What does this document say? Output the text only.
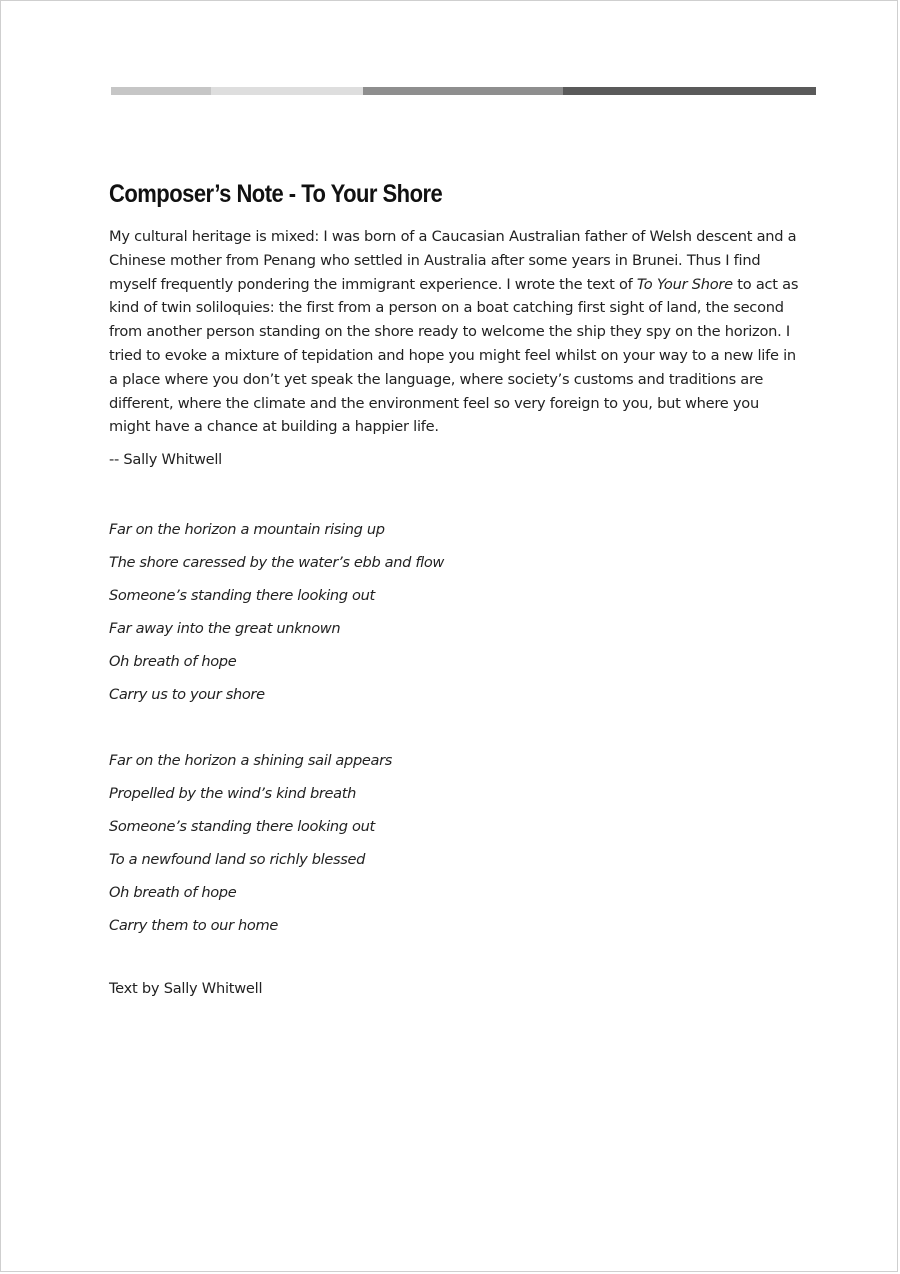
Composer’s Note - To Your Shore

My cultural heritage is mixed: I was born of a Caucasian Australian father of Welsh descent and a Chinese mother from Penang who settled in Australia after some years in Brunei. Thus I find myself frequently pondering the immigrant experience. I wrote the text of To Your Shore to act as kind of twin soliloquies: the first from a person on a boat catching first sight of land, the second from another person standing on the shore ready to welcome the ship they spy on the horizon. I tried to evoke a mixture of tepidation and hope you might feel whilst on your way to a new life in a place where you don’t yet speak the language, where society’s customs and traditions are different, where the climate and the environment feel so very foreign to you, but where you might have a chance at building a happier life.

-- Sally Whitwell
Far on the horizon a mountain rising up
The shore caressed by the water’s ebb and flow
Someone’s standing there looking out
Far away into the great unknown
Oh breath of hope
Carry us to your shore
Far on the horizon a shining sail appears
Propelled by the wind’s kind breath
Someone’s standing there looking out
To a newfound land so richly blessed
Oh breath of hope
Carry them to our home
Text by Sally Whitwell
